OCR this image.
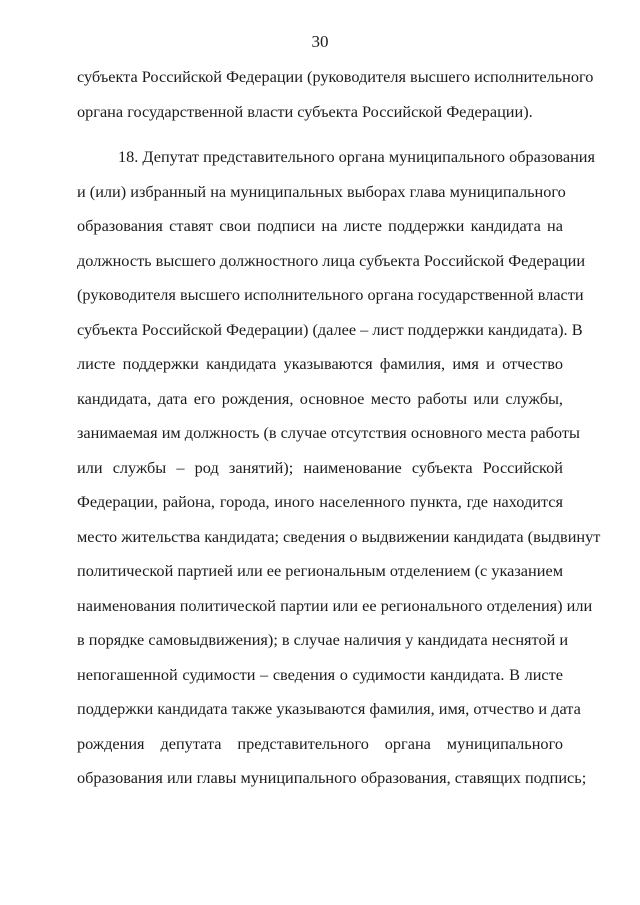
30
субъекта Российской Федерации (руководителя высшего исполнительного
органа государственной власти субъекта Российской Федерации).
18. Депутат представительного органа муниципального образования
и (или) избранный на муниципальных выборах глава муниципального
образования ставят свои подписи на листе поддержки кандидата на
должность высшего должностного лица субъекта Российской Федерации
(руководителя высшего исполнительного органа государственной власти
субъекта Российской Федерации) (далее – лист поддержки кандидата). В
листе поддержки кандидата указываются фамилия, имя и отчество
кандидата, дата его рождения, основное место работы или службы,
занимаемая им должность (в случае отсутствия основного места работы
или службы – род занятий); наименование субъекта Российской
Федерации, района, города, иного населенного пункта, где находится
место жительства кандидата; сведения о выдвижении кандидата (выдвинут
политической партией или ее региональным отделением (с указанием
наименования политической партии или ее регионального отделения) или
в порядке самовыдвижения); в случае наличия у кандидата неснятой и
непогашенной судимости – сведения о судимости кандидата. В листе
поддержки кандидата также указываются фамилия, имя, отчество и дата
рождения депутата представительного органа муниципального
образования или главы муниципального образования, ставящих подпись;
